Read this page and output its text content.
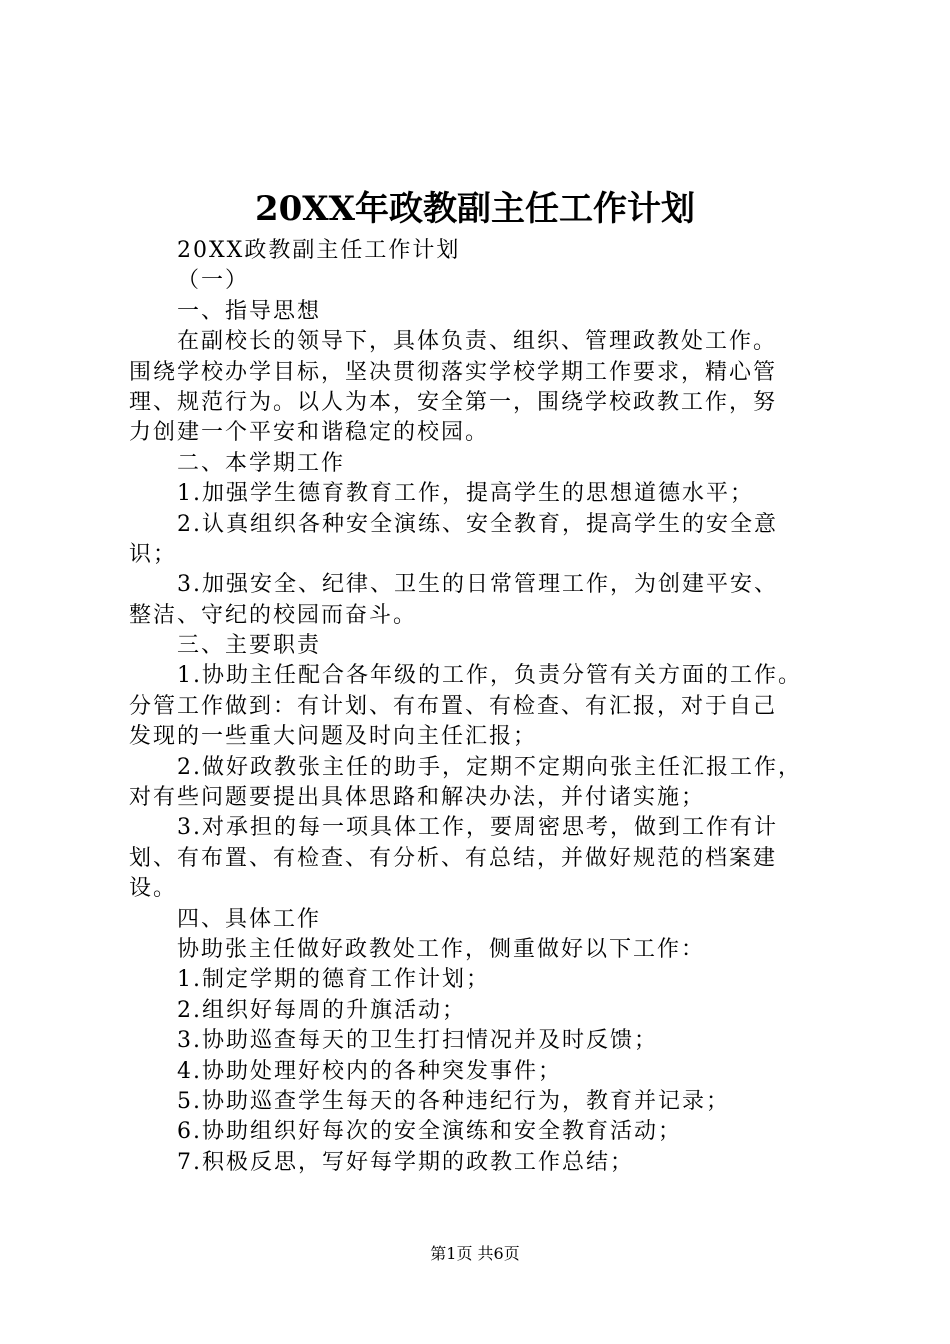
20XX年政教副主任工作计划
20XX政教副主任工作计划
（一）
一、指导思想
在副校长的领导下，具体负责、组织、管理政教处工作。
围绕学校办学目标，坚决贯彻落实学校学期工作要求，精心管
理、规范行为。以人为本，安全第一，围绕学校政教工作，努
力创建一个平安和谐稳定的校园。
二、本学期工作
1.加强学生德育教育工作，提高学生的思想道德水平；
2.认真组织各种安全演练、安全教育，提高学生的安全意
识；
3.加强安全、纪律、卫生的日常管理工作，为创建平安、
整洁、守纪的校园而奋斗。
三、主要职责
1.协助主任配合各年级的工作，负责分管有关方面的工作。
分管工作做到：有计划、有布置、有检查、有汇报，对于自己
发现的一些重大问题及时向主任汇报；
2.做好政教张主任的助手，定期不定期向张主任汇报工作，
对有些问题要提出具体思路和解决办法，并付诸实施；
3.对承担的每一项具体工作，要周密思考，做到工作有计
划、有布置、有检查、有分析、有总结，并做好规范的档案建
设。
四、具体工作
协助张主任做好政教处工作，侧重做好以下工作：
1.制定学期的德育工作计划；
2.组织好每周的升旗活动；
3.协助巡查每天的卫生打扫情况并及时反馈；
4.协助处理好校内的各种突发事件；
5.协助巡查学生每天的各种违纪行为，教育并记录；
6.协助组织好每次的安全演练和安全教育活动；
7.积极反思，写好每学期的政教工作总结；
第1页 共6页
